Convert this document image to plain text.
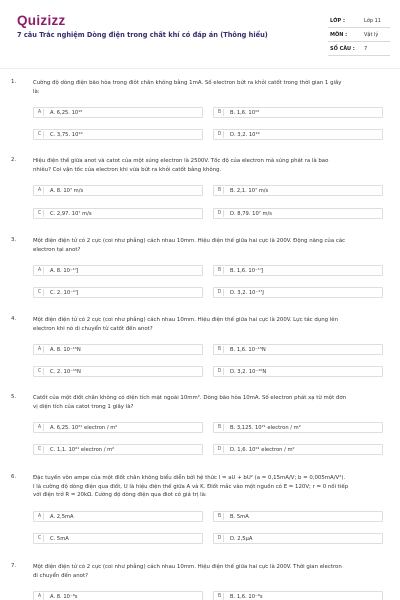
Quizizz
7 câu Trắc nghiệm Dòng điện trong chất khí có đáp án (Thông hiểu)
LỚP :	Lớp 11
MÔN :	Vật lý
SỐ CÂU : 7
1.	Cường độ dòng điện bão hòa trong điôt chân không bằng 1mA. Số electron bứt ra khỏi catốt trong thời gian 1 giây
là:
A	A. 6,25. 10¹⁵	B	B. 1,6. 10¹⁵
C	C. 3,75. 10¹⁹	D	D. 3,2. 10¹⁹
2.	Hiệu điện thế giữa anot và catot của một súng electron là 2500V. Tốc độ của electron mà súng phát ra là bao
nhiêu? Coi vận tốc của electron khi vừa bứt ra khỏi catốt bằng không.
A	A. 8. 10⁷ m/s	B	B. 2,1. 10⁷ m/s
C	C. 2,97. 10⁷ m/s	D	D. 8,79. 10⁷ m/s
3.	Một điện điện tử có 2 cực (coi như phẳng) cách nhau 10mm. Hiệu điện thế giữa hai cực là 200V. Động năng của các
electron tại anot?
A	A. 8. 10⁻¹⁷J	B	B. 1,6. 10⁻¹⁷J
C	C. 2. 10⁻¹⁷J	D	D. 3,2. 10⁻¹⁷J
4.	Một điện điện tử có 2 cực (coi như phẳng) cách nhau 10mm. Hiệu điện thế giữa hai cực là 200V. Lực tác dụng lên
electron khi nó di chuyển từ catốt đến anot?
A	A. 8. 10⁻¹⁵N	B	B. 1,6. 10⁻¹⁵N
C	C. 2. 10⁻¹⁵N	D	D. 3,2. 10⁻¹⁵N
5.	Catốt của một điốt chân không có diện tích mặt ngoài 10mm². Dòng bão hòa 10mA. Số electron phát xạ từ một đơn
vị diện tích của catot trong 1 giây là?
A	A. 6,25. 10²¹ electron / m²	B	B. 3,125. 10²¹ electron / m²
C	C. 1,1. 10²¹ electron / m²	D	D. 1,6. 10²¹ electron / m²
6.	Đặc tuyến vôn ampe của một điốt chân không biểu diễn bởi hệ thức I = aU + bU² (a = 0,15mA/V; b = 0,005mA/V²).
I là cường độ dòng điện qua điốt, U là hiệu điện thế giữa A và K. Điốt mắc vào một nguồn có E = 120V; r = 0 nối tiếp
với điện trở R = 20kΩ. Cường độ dòng điện qua điot có giá trị là:
A	A. 2,5mA	B	B. 5mA
C	C. 5mA	D	D. 2,5μA
7.	Một điện điện tử có 2 cực (coi như phẳng) cách nhau 10mm. Hiệu điện thế giữa hai cực là 200V. Thời gian electron
đi chuyển đến anot?
A	A. 8. 10⁻⁹s	B	B. 1,6. 10⁻⁹s
